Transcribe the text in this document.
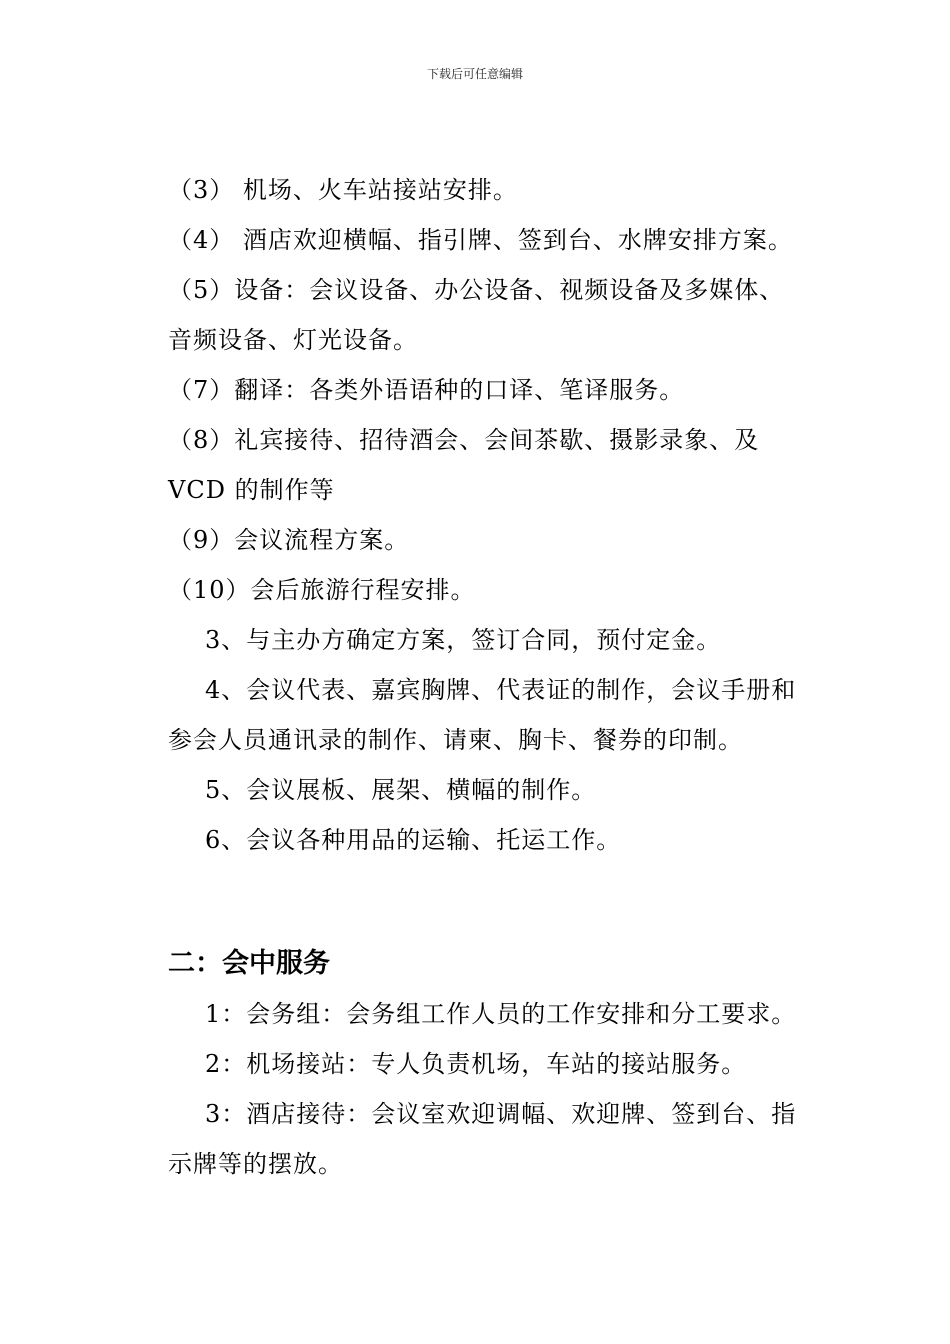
下载后可任意编辑
（3） 机场、火车站接站安排。
（4） 酒店欢迎横幅、指引牌、签到台、水牌安排方案。
（5）设备：会议设备、办公设备、视频设备及多媒体、
音频设备、灯光设备。
（7）翻译：各类外语语种的口译、笔译服务。
（8）礼宾接待、招待酒会、会间茶歇、摄影录象、及
VCD 的制作等
（9）会议流程方案。
（10）会后旅游行程安排。
3、与主办方确定方案，签订合同，预付定金。
4、会议代表、嘉宾胸牌、代表证的制作，会议手册和
参会人员通讯录的制作、请柬、胸卡、餐券的印制。
5、会议展板、展架、横幅的制作。
6、会议各种用品的运输、托运工作。
二：会中服务
1：会务组：会务组工作人员的工作安排和分工要求。
2：机场接站：专人负责机场，车站的接站服务。
3：酒店接待：会议室欢迎调幅、欢迎牌、签到台、指
示牌等的摆放。
